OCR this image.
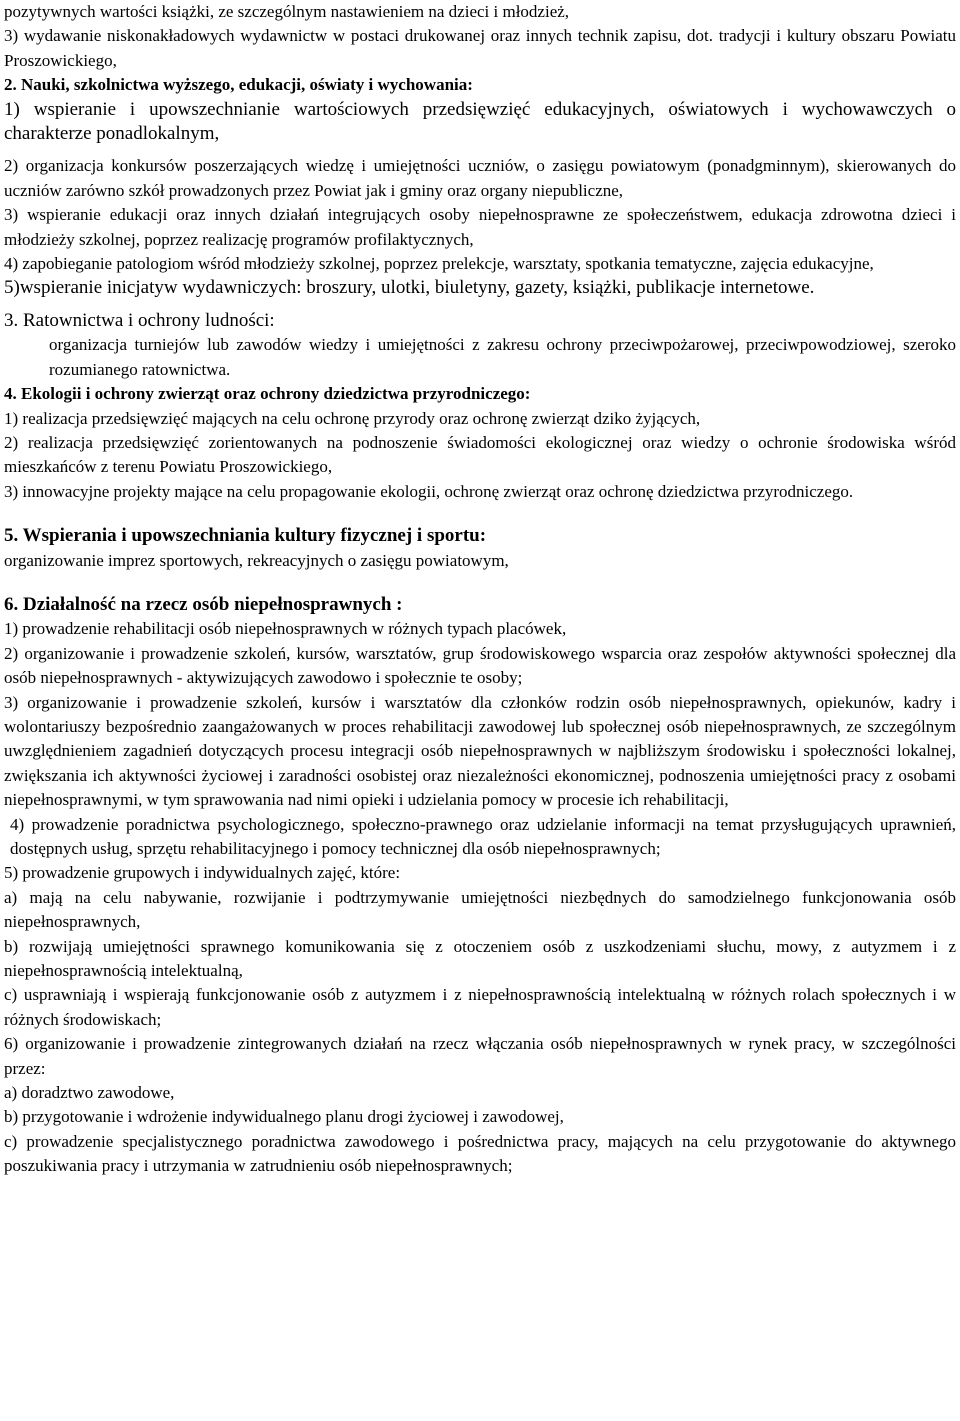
pozytywnych wartości książki, ze szczególnym nastawieniem na dzieci i młodzież,

3) wydawanie niskonakładowych wydawnictw w postaci drukowanej oraz innych technik zapisu, dot. tradycji i kultury obszaru Powiatu Proszowickiego,

2. Nauki, szkolnictwa wyższego, edukacji, oświaty i wychowania:

1) wspieranie i upowszechnianie wartościowych przedsięwzięć edukacyjnych, oświatowych i wychowawczych o charakterze ponadlokalnym,

2) organizacja konkursów poszerzających wiedzę i umiejętności uczniów, o zasięgu powiatowym (ponadgminnym), skierowanych do uczniów zarówno szkół prowadzonych przez Powiat jak i gminy oraz organy niepubliczne,

3) wspieranie edukacji oraz innych działań integrujących osoby niepełnosprawne ze społeczeństwem, edukacja zdrowotna dzieci i młodzieży szkolnej, poprzez realizację programów profilaktycznych,

4) zapobieganie patologiom wśród młodzieży szkolnej, poprzez prelekcje, warsztaty, spotkania tematyczne, zajęcia edukacyjne,

5)wspieranie inicjatyw wydawniczych: broszury, ulotki, biuletyny, gazety, książki, publikacje internetowe.

3. Ratownictwa i ochrony ludności:

organizacja turniejów lub zawodów wiedzy i umiejętności z zakresu ochrony przeciwpożarowej, przeciwpowodziowej, szeroko rozumianego ratownictwa.

4. Ekologii i ochrony zwierząt oraz ochrony dziedzictwa przyrodniczego:

1) realizacja przedsięwzięć mających na celu ochronę przyrody oraz ochronę zwierząt dziko żyjących,

2) realizacja przedsięwzięć zorientowanych na podnoszenie świadomości ekologicznej oraz wiedzy o ochronie środowiska wśród mieszkańców z terenu Powiatu Proszowickiego,

3) innowacyjne projekty mające na celu propagowanie ekologii, ochronę zwierząt oraz ochronę dziedzictwa przyrodniczego.

5. Wspierania i upowszechniania kultury fizycznej i sportu:

organizowanie imprez sportowych, rekreacyjnych o zasięgu powiatowym,

6. Działalność na rzecz osób niepełnosprawnych :

1) prowadzenie rehabilitacji osób niepełnosprawnych w różnych typach placówek,

2) organizowanie i prowadzenie szkoleń, kursów, warsztatów, grup środowiskowego wsparcia oraz zespołów aktywności społecznej dla osób niepełnosprawnych - aktywizujących zawodowo i społecznie te osoby;

3) organizowanie i prowadzenie szkoleń, kursów i warsztatów dla członków rodzin osób niepełnosprawnych, opiekunów, kadry i wolontariuszy bezpośrednio zaangażowanych w proces rehabilitacji zawodowej lub społecznej osób niepełnosprawnych, ze szczególnym uwzględnieniem zagadnień dotyczących procesu integracji osób niepełnosprawnych w najbliższym środowisku i społeczności lokalnej, zwiększania ich aktywności życiowej i zaradności osobistej oraz niezależności ekonomicznej, podnoszenia umiejętności pracy z osobami niepełnosprawnymi, w tym sprawowania nad nimi opieki i udzielania pomocy w procesie ich rehabilitacji,

4) prowadzenie poradnictwa psychologicznego, społeczno-prawnego oraz udzielanie informacji na temat przysługujących uprawnień, dostępnych usług, sprzętu rehabilitacyjnego i pomocy technicznej dla osób niepełnosprawnych;

5) prowadzenie grupowych i indywidualnych zajęć, które:

a) mają na celu nabywanie, rozwijanie i podtrzymywanie umiejętności niezbędnych do samodzielnego funkcjonowania osób niepełnosprawnych,

b) rozwijają umiejętności sprawnego komunikowania się z otoczeniem osób z uszkodzeniami słuchu, mowy, z autyzmem i z niepełnosprawnością intelektualną,

c) usprawniają i wspierają funkcjonowanie osób z autyzmem i z niepełnosprawnością intelektualną w różnych rolach społecznych i w różnych środowiskach;

6) organizowanie i prowadzenie zintegrowanych działań na rzecz włączania osób niepełnosprawnych w rynek pracy, w szczególności przez:

a) doradztwo zawodowe,

b) przygotowanie i wdrożenie indywidualnego planu drogi życiowej i zawodowej,

c) prowadzenie specjalistycznego poradnictwa zawodowego i pośrednictwa pracy, mających na celu przygotowanie do aktywnego poszukiwania pracy i utrzymania w zatrudnieniu osób niepełnosprawnych;
